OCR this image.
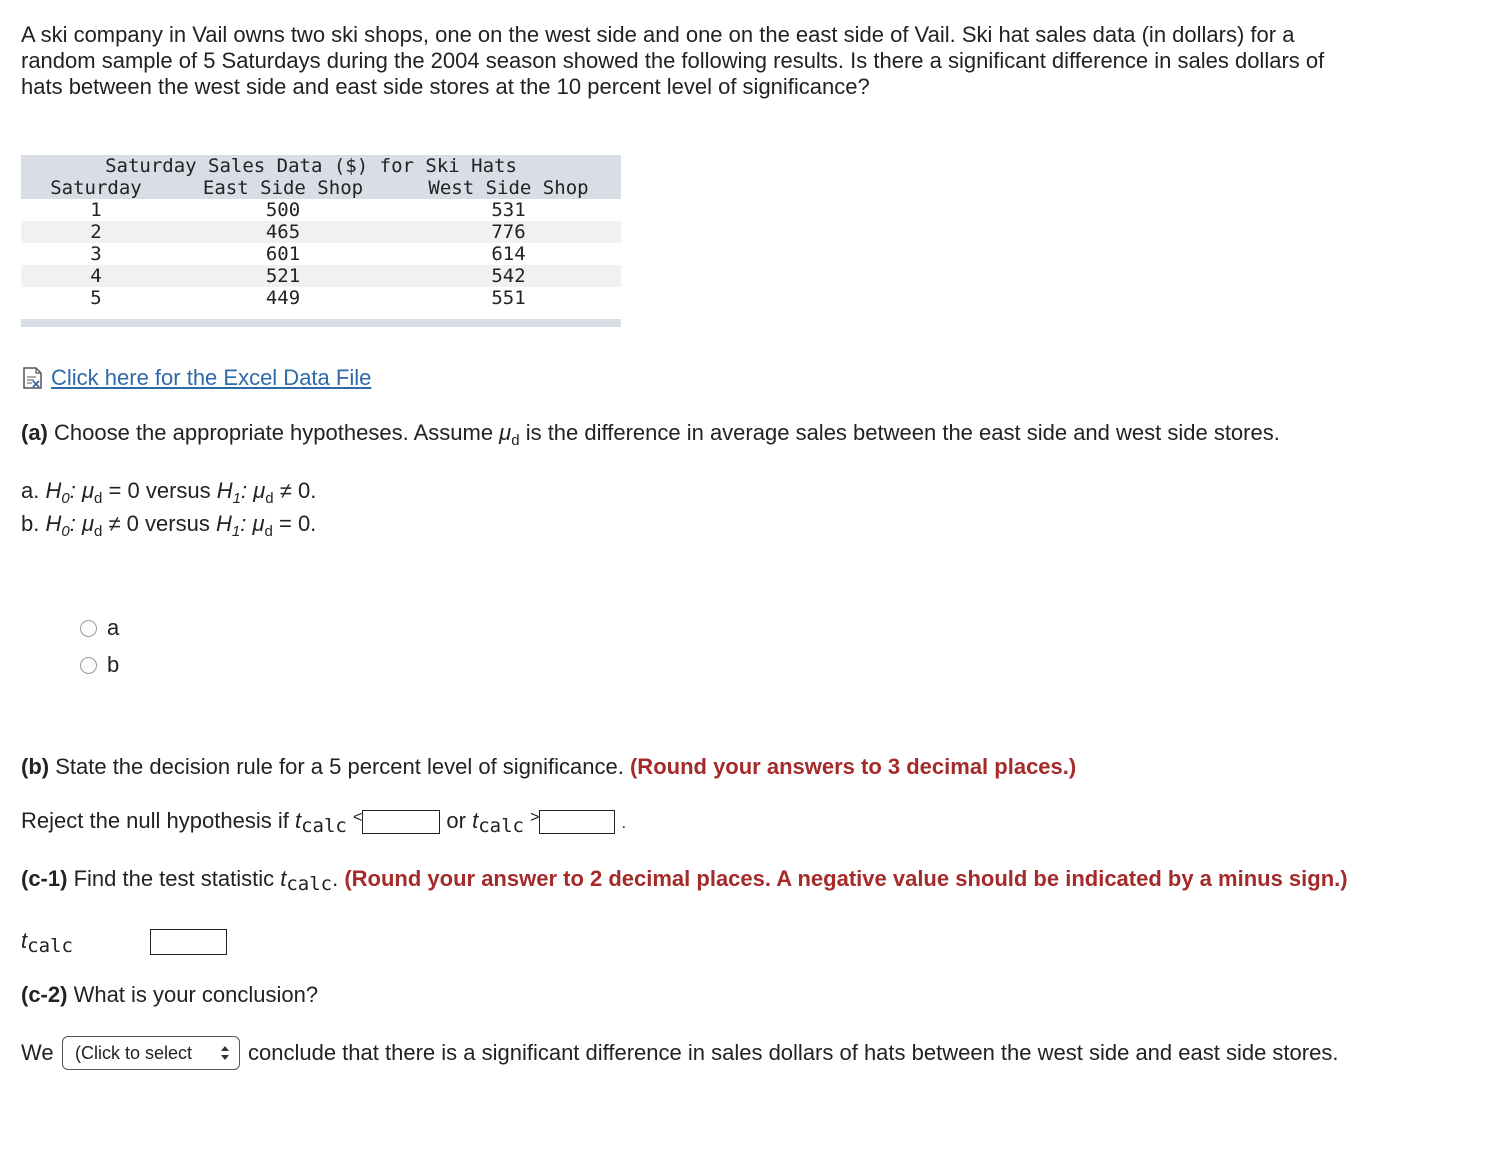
A ski company in Vail owns two ski shops, one on the west side and one on the east side of Vail. Ski hat sales data (in dollars) for a
random sample of 5 Saturdays during the 2004 season showed the following results. Is there a significant difference in sales dollars of
hats between the west side and east side stores at the 10 percent level of significance?
Saturday Sales Data ($) for Ski Hats
Saturday	East Side Shop	West Side Shop
1	500	531
2	465	776
3	601	614
4	521	542
5	449	551
Click here for the Excel Data File
(a) Choose the appropriate hypotheses. Assume $\mu_d$ is the difference in average sales between the east side and west side stores.
a. $H_0$: $\mu_d = 0$ versus $H_1$: $\mu_d \ne 0$.
b. $H_0$: $\mu_d \ne 0$ versus $H_1$: $\mu_d = 0$.
a
b
(b) State the decision rule for a 5 percent level of significance. (Round your answers to 3 decimal places.)
Reject the null hypothesis if tcalc <	or tcalc >	.
(c-1) Find the test statistic tcalc. (Round your answer to 2 decimal places. A negative value should be indicated by a minus sign.)
tcalc
(c-2) What is your conclusion?
We (Click to select	conclude that there is a significant difference in sales dollars of hats between the west side and east side stores.
